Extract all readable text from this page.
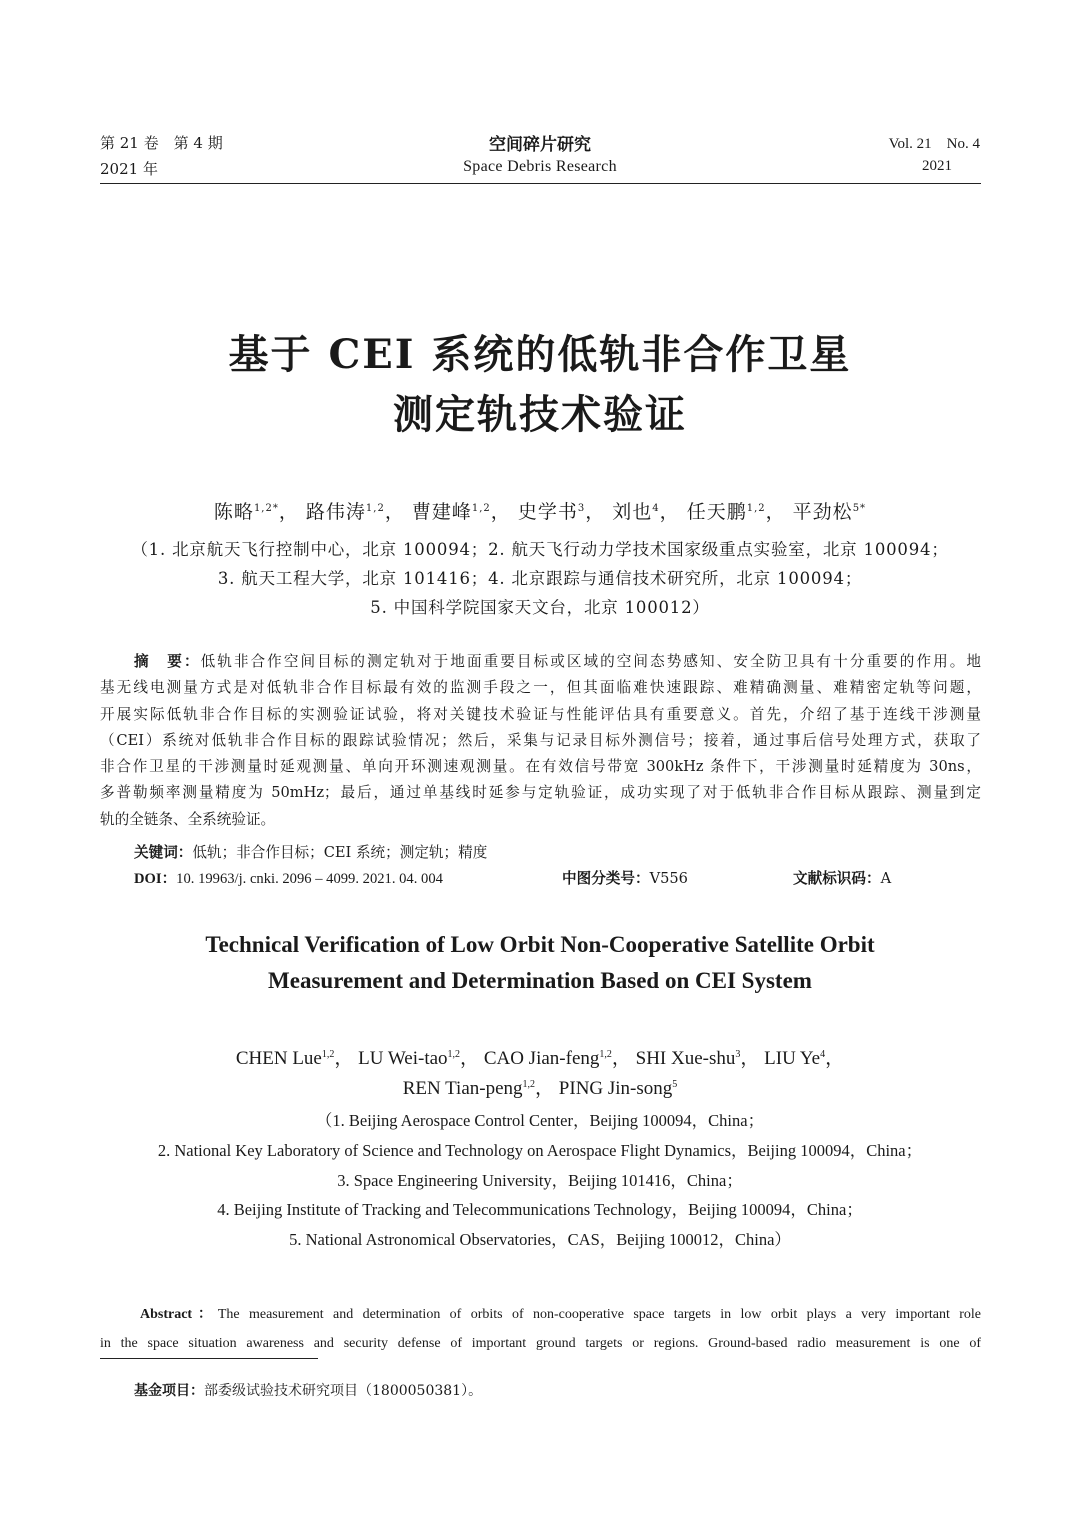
第 21 卷　第 4 期
2021 年
空间碎片研究
Space Debris Research
Vol. 21　No. 4
2021
基于 CEI 系统的低轨非合作卫星
测定轨技术验证
陈略$^{1,2*}$， 路伟涛$^{1,2}$， 曹建峰$^{1,2}$， 史学书$^3$， 刘也$^4$， 任天鹏$^{1,2}$， 平劲松$^{5*}$
（1. 北京航天飞行控制中心，北京 100094；2. 航天飞行动力学技术国家级重点实验室，北京 100094；
3. 航天工程大学，北京 101416；4. 北京跟踪与通信技术研究所，北京 100094；
5. 中国科学院国家天文台，北京 100012）
摘　要：低轨非合作空间目标的测定轨对于地面重要目标或区域的空间态势感知、安全防卫具有十分重要的作用。地
基无线电测量方式是对低轨非合作目标最有效的监测手段之一，但其面临难快速跟踪、难精确测量、难精密定轨等问题，
开展实际低轨非合作目标的实测验证试验，将对关键技术验证与性能评估具有重要意义。首先，介绍了基于连线干涉测量
（CEI）系统对低轨非合作目标的跟踪试验情况；然后，采集与记录目标外测信号；接着，通过事后信号处理方式，获取了
非合作卫星的干涉测量时延观测量、单向开环测速观测量。在有效信号带宽 300kHz 条件下，干涉测量时延精度为 30ns，
多普勒频率测量精度为 50mHz；最后，通过单基线时延参与定轨验证，成功实现了对于低轨非合作目标从跟踪、测量到定
轨的全链条、全系统验证。
关键词：低轨；非合作目标；CEI 系统；测定轨；精度
DOI：10. 19963/j. cnki. 2096 – 4099. 2021. 04. 004	中图分类号：V556	文献标识码：A
Technical Verification of Low Orbit Non-Cooperative Satellite Orbit
Measurement and Determination Based on CEI System
CHEN Lue$^{1,2}$， LU Wei-tao$^{1,2}$， CAO Jian-feng$^{1,2}$， SHI Xue-shu$^3$， LIU Ye$^4$，
REN Tian-peng$^{1,2}$， PING Jin-song$^5$
（1. Beijing Aerospace Control Center，Beijing 100094，China；
2. National Key Laboratory of Science and Technology on Aerospace Flight Dynamics，Beijing 100094，China；
3. Space Engineering University，Beijing 101416，China；
4. Beijing Institute of Tracking and Telecommunications Technology，Beijing 100094，China；
5. National Astronomical Observatories，CAS，Beijing 100012，China）
Abstract：The measurement and determination of orbits of non-cooperative space targets in low orbit plays a very important role
in the space situation awareness and security defense of important ground targets or regions. Ground-based radio measurement is one of
基金项目：部委级试验技术研究项目（1800050381）。
